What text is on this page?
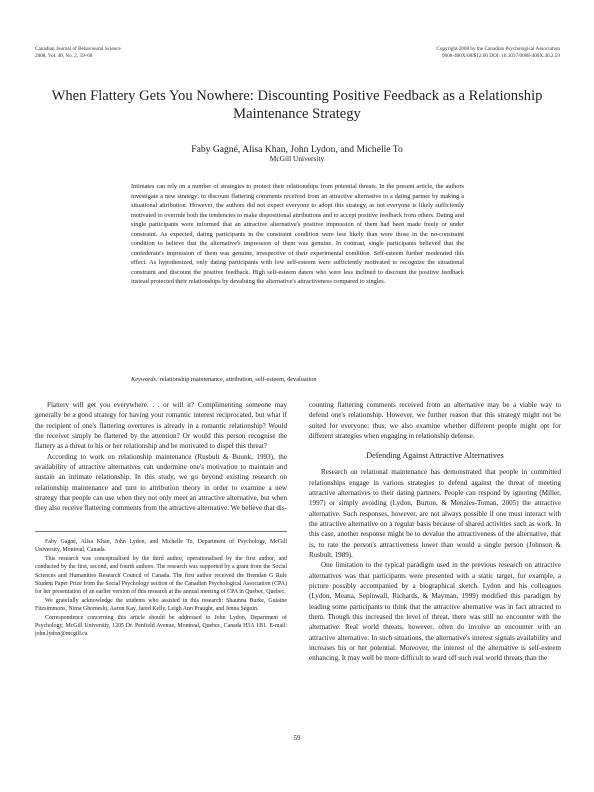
Canadian Journal of Behavioural Science
2008, Vol. 40, No. 2, 59–68
Copyright 2008 by the Canadian Psychological Association
0008-400X/08/$12.00 DOI: 10.1037/0008-400X.40.2.59
When Flattery Gets You Nowhere: Discounting Positive Feedback as a Relationship Maintenance Strategy
Faby Gagné, Alisa Khan, John Lydon, and Michelle To
McGill University
Intimates can rely on a number of strategies to protect their relationships from potential threats. In the present article, the authors investigate a new strategy: to discount flattering comments received from an attractive alternative to a dating partner by making a situational attribution. However, the authors did not expect everyone to adopt this strategy, as not everyone is likely sufficiently motivated to override both the tendencies to make dispositional attributions and to accept positive feedback from others. Dating and single participants were informed that an attractive alternative's positive impression of them had been made freely or under constraint. As expected, dating participants in the constraint condition were less likely than were those in the no-constraint condition to believe that the alternative's impression of them was genuine. In contrast, single participants believed that the confederate's impression of them was genuine, irrespective of their experimental condition. Self-esteem further moderated this effect. As hypothesized, only dating participants with low self-esteem were sufficiently motivated to recognize the situational constraint and discount the positive feedback. High self-esteem daters who were less inclined to discount the positive feedback instead protected their relationships by devaluing the alternative's attractiveness compared to singles.
Keywords: relationship maintenance, attribution, self-esteem, devaluation

Flattery will get you everywhere. . . or will it? Complimenting someone may generally be a good strategy for having your romantic interest reciprocated, but what if the recipient of one's flattering overtures is already in a romantic relationship? Would the receiver simply be flattered by the attention? Or would this person recognise the flattery as a threat to his or her relationship and be motivated to dispel this threat?

According to work on relationship maintenance (Rusbult & Buunk, 1993), the availability of attractive alternatives can undermine one's motivation to maintain and sustain an intimate relationship. In this study, we go beyond existing research on relationship maintenance and turn to attribution theory in order to examine a new strategy that people can use when they not only meet an attractive alternative, but when they also receive flattering comments from the attractive alternative. We believe that dis-

Faby Gagné, Alisa Khan, John Lydon, and Michelle To, Department of Psychology, McGill University, Montreal, Canada.

This research was conceptualised by the third author, operationalised by the first author, and conducted by the first, second, and fourth authors. The research was supported by a grant from the Social Sciences and Humanities Research Council of Canada. The first author received the Brendan G Rule Student Paper Prize from the Social Psychology section of the Canadian Psychological Association (CPA) for her presentation of an earlier version of this research at the annual meeting of CPA in Quebec, Quebec.

We gratefully acknowledge the students who assisted in this research: Shaunna Burke, Guiaine Fitzsimmons, Nima Ghomeshi, Aaron Kay, Jared Kelly, Leigh Ann Praught, and Jenna Séguin.

Correspondence concerning this article should be addressed to John Lydon, Department of Psychology, McGill University, 1205 Dr. Penfield Avenue, Montreal, Quebec, Canada H3A 1B1. E-mail: john.lydon@mcgill.ca

counting flattering comments received from an alternative may be a viable way to defend one's relationship. However, we further reason that this strategy might not be suited for everyone; thus, we also examine whether different people might opt for different strategies when engaging in relationship defense.

Defending Against Attractive Alternatives

Research on relational maintenance has demonstrated that people in committed relationships engage in various strategies to defend against the threat of meeting attractive alternatives to their dating partners. People can respond by ignoring (Miller, 1997) or simply avoiding (Lydon, Burton, & Menzies-Toman, 2005) the attractive alternative. Such responses, however, are not always possible if one must interact with the attractive alternative on a regular basis because of shared activities such as work. In this case, another response might be to devalue the attractiveness of the alternative, that is, to rate the person's attractiveness lower than would a single person (Johnson & Rusbult, 1989).

One limitation to the typical paradigm used in the previous research on attractive alternatives was that participants were presented with a static target, for example, a picture possibly accompanied by a biographical sketch. Lydon and his colleagues (Lydon, Meana, Sepinwall, Richards, & Mayman, 1999) modified this paradigm by leading some participants to think that the attractive alternative was in fact attracted to them. Though this increased the level of threat, there was still no encounter with the alternative. Real world threats, however, often do involve an encounter with an attractive alternative. In such situations, the alternative's interest signals availability and increases his or her potential. Moreover, the interest of the alternative is self-esteem enhancing. It may well be more difficult to ward off such real world threats than the

59
